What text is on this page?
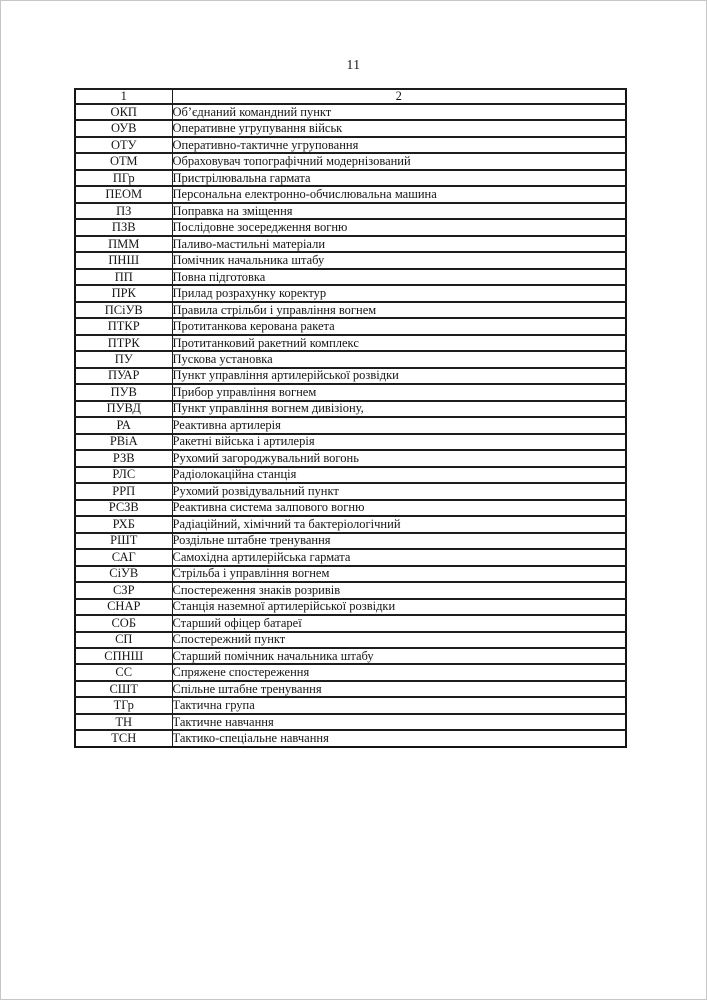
11
1	2
ОКП	Об’єднаний командний пункт
ОУВ	Оперативне угрупування військ
ОТУ	Оперативно-тактичне угруповання
ОТМ	Обраховувач топографічний модернізований
ПГр	Пристрілювальна гармата
ПЕОМ	Персональна електронно-обчислювальна машина
ПЗ	Поправка на зміщення
ПЗВ	Послідовне зосередження вогню
ПММ	Паливо-мастильні матеріали
ПНШ	Помічник начальника штабу
ПП	Повна підготовка
ПРК	Прилад розрахунку коректур
ПСіУВ	Правила стрільби і управління вогнем
ПТКР	Протитанкова керована ракета
ПТРК	Протитанковий ракетний комплекс
ПУ	Пускова установка
ПУАР	Пункт управління артилерійської розвідки
ПУВ	Прибор управління вогнем
ПУВД	Пункт управління вогнем дивізіону,
РА	Реактивна артилерія
РВіА	Ракетні війська і артилерія
РЗВ	Рухомий загороджувальний вогонь
РЛС	Радіолокаційна станція
РРП	Рухомий розвідувальний пункт
РСЗВ	Реактивна система залпового вогню
РХБ	Радіаційний, хімічний та бактеріологічний
РШТ	Роздільне штабне тренування
САГ	Самохідна артилерійська гармата
СіУВ	Стрільба і управління вогнем
СЗР	Спостереження знаків розривів
СНАР	Станція наземної артилерійської розвідки
СОБ	Старший офіцер батареї
СП	Спостережний пункт
СПНШ	Старший помічник начальника штабу
СС	Спряжене спостереження
СШТ	Спільне штабне тренування
ТГр	Тактична група
ТН	Тактичне навчання
ТСН	Тактико-спеціальне навчання
